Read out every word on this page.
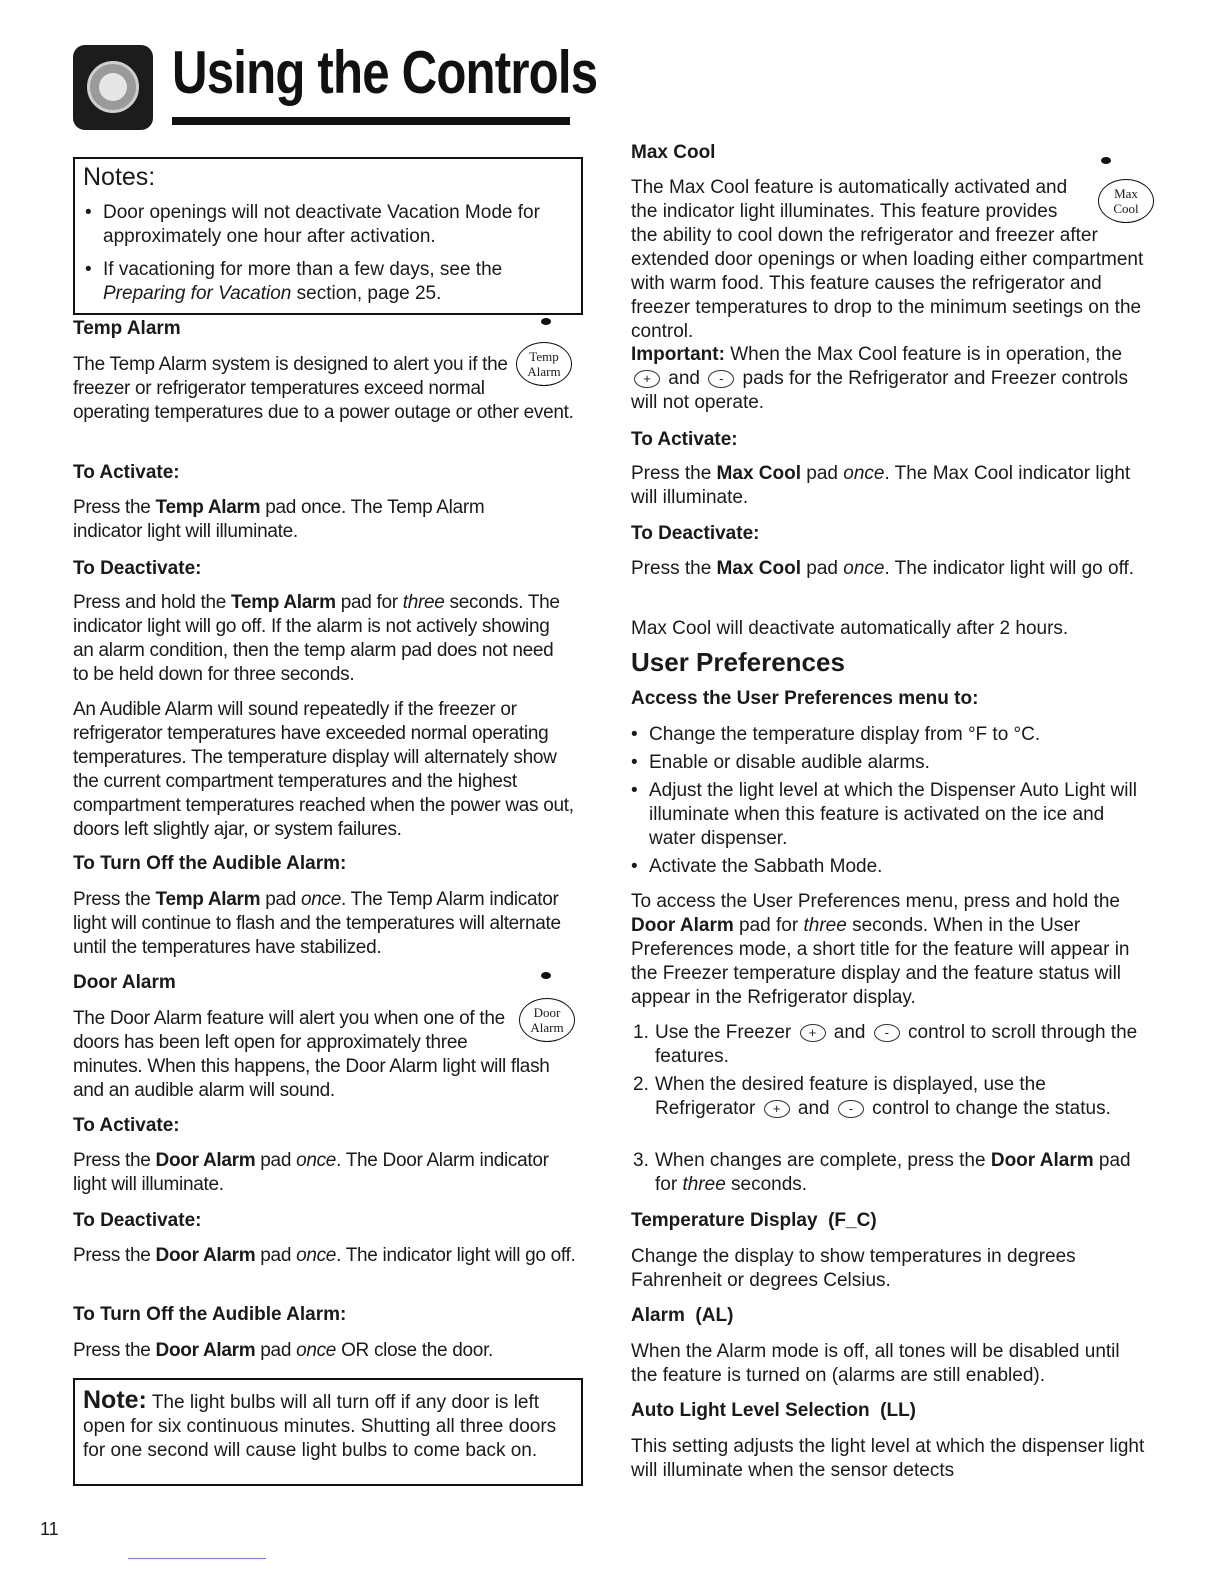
Using the Controls
Notes:
• Door openings will not deactivate Vacation Mode for approximately one hour after activation.
• If vacationing for more than a few days, see the Preparing for Vacation section, page 25.
Temp Alarm
Temp
Alarm
The Temp Alarm system is designed to alert you if the freezer or refrigerator temperatures exceed normal operating temperatures due to a power outage or other event.
To Activate:
Press the Temp Alarm pad once. The Temp Alarm indicator light will illuminate.
To Deactivate:
Press and hold the Temp Alarm pad for three seconds. The indicator light will go off. If the alarm is not actively showing an alarm condition, then the temp alarm pad does not need to be held down for three seconds.
An Audible Alarm will sound repeatedly if the freezer or refrigerator temperatures have exceeded normal operating temperatures. The temperature display will alternately show the current compartment temperatures and the highest compartment temperatures reached when the power was out, doors left slightly ajar, or system failures.
To Turn Off the Audible Alarm:
Press the Temp Alarm pad once. The Temp Alarm indicator light will continue to flash and the temperatures will alternate until the temperatures have stabilized.
Door Alarm
Door
Alarm
The Door Alarm feature will alert you when one of the doors has been left open for approximately three minutes. When this happens, the Door Alarm light will flash and an audible alarm will sound.
To Activate:
Press the Door Alarm pad once. The Door Alarm indicator light will illuminate.
To Deactivate:
Press the Door Alarm pad once. The indicator light will go off.
To Turn Off the Audible Alarm:
Press the Door Alarm pad once OR close the door.
Note: The light bulbs will all turn off if any door is left open for six continuous minutes. Shutting all three doors for one second will cause light bulbs to come back on.
11
Max Cool
Max
Cool
The Max Cool feature is automatically activated and the indicator light illuminates. This feature provides the ability to cool down the refrigerator and freezer after extended door openings or when loading either compartment with warm food. This feature causes the refrigerator and freezer temperatures to drop to the minimum seetings on the control.
Important: When the Max Cool feature is in operation, the + and - pads for the Refrigerator and Freezer controls will not operate.
To Activate:
Press the Max Cool pad once. The Max Cool indicator light will illuminate.
To Deactivate:
Press the Max Cool pad once. The indicator light will go off.
Max Cool will deactivate automatically after 2 hours.
User Preferences
Access the User Preferences menu to:
• Change the temperature display from °F to °C.
• Enable or disable audible alarms.
• Adjust the light level at which the Dispenser Auto Light will illuminate when this feature is activated on the ice and water dispenser.
• Activate the Sabbath Mode.
To access the User Preferences menu, press and hold the Door Alarm pad for three seconds. When in the User Preferences mode, a short title for the feature will appear in the Freezer temperature display and the feature status will appear in the Refrigerator display.
1. Use the Freezer + and - control to scroll through the features.
2. When the desired feature is displayed, use the Refrigerator + and - control to change the status.
3. When changes are complete, press the Door Alarm pad for three seconds.
Temperature Display  (F_C)
Change the display to show temperatures in degrees Fahrenheit or degrees Celsius.
Alarm  (AL)
When the Alarm mode is off, all tones will be disabled until the feature is turned on (alarms are still enabled).
Auto Light Level Selection  (LL)
This setting adjusts the light level at which the dispenser light will illuminate when the sensor detects
